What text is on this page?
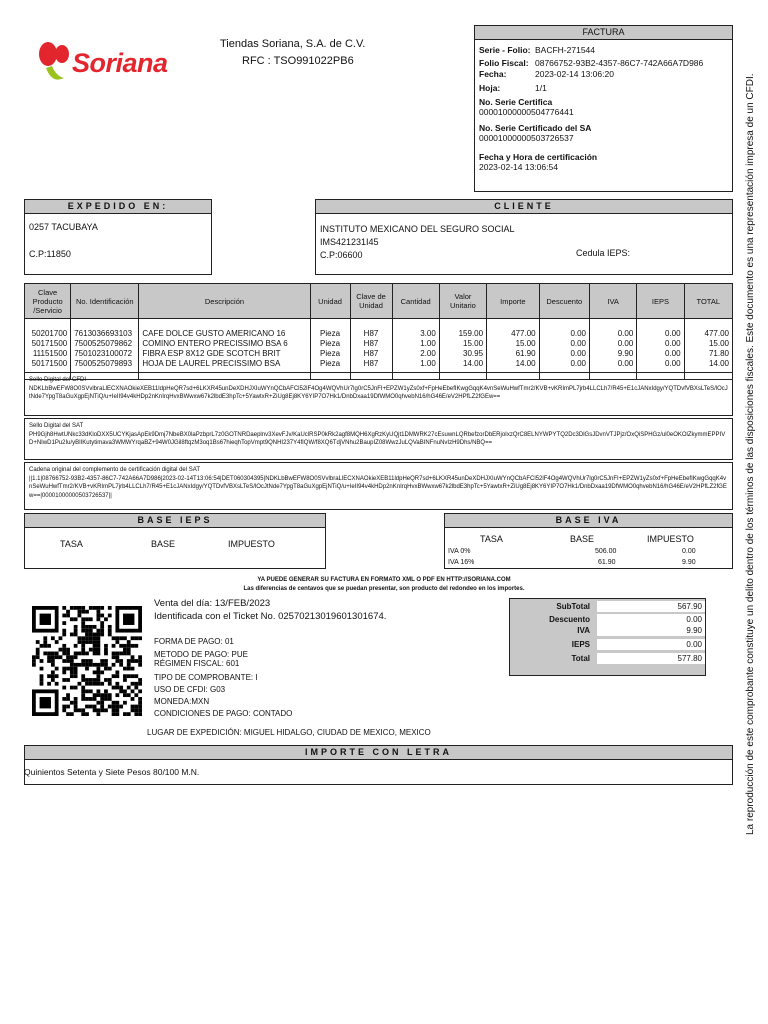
Soriana
Tiendas Soriana, S.A. de C.V.
RFC : TSO991022PB6
FACTURA
Serie - Folio: BACFH-271544
Folio Fiscal: 08766752-93B2-4357-86C7-742A66A7D986
Fecha:	2023-02-14 13:06:20
Hoja:	1/1
No. Serie Certifica
00001000000504776441
No. Serie Certificado del SA
00001000000503726537
Fecha y Hora de certificación
2023-02-14 13:06:54
EXPEDIDO EN:
0257 TACUBAYA
C.P:11850
CLIENTE
INSTITUTO MEXICANO DEL SEGURO SOCIAL
IMS421231I45
C.P:06600	Cedula IEPS:
Clave Producto /Servicio	No. Identificación	Descripción	Unidad	Clave de Unidad	Cantidad	Valor Unitario	Importe	Descuento	IVA	IEPS	TOTAL

50201700	7613036693103	CAFE DOLCE GUSTO AMERICANO 16	Pieza	H87	3.00	159.00	477.00	0.00	0.00	0.00	477.00
50171500	7500525079862	COMINO ENTERO PRECISSIMO BSA 6	Pieza	H87	1.00	15.00	15.00	0.00	0.00	0.00	15.00
11151500	7501023100072	FIBRA ESP 8X12 GDE SCOTCH BRIT	Pieza	H87	2.00	30.95	61.90	0.00	9.90	0.00	71.80
50171500	7500525079893	HOJA DE LAUREL PRECISSIMO BSA	Pieza	H87	1.00	14.00	14.00	0.00	0.00	0.00	14.00

Sello Digital del CFDI
NDKLbBwEFW8O0SVvlbraLlECXNAOkieXEB11ldpHeQR7sd+6LKXR45unDeXDHJXIuWYnQCbAFCl52lF4Og4WQVhUr7lg0rC5JnFI+EPZW1yZs0xf+FpHeEbefIKwgGqqK4vnSeWuHwfTmr2/KVB+vKRImPL7jrb4LLCLh7/R45+E1cJANxIdgy/YQTDvfVBXsLTeS/lOcJtNde7YpgT8aGuXgpEjNTiQ/u+IeII94v4kHDp2nKnIrqHvxBWwxw67k2lbdE3hpTc+5YawtxR+ZiUg8Ej8KY6YIP7O7Hk1/DnbDxaa19DfWMO0qhvebN16/hG46E/eV2HPfLZ2fGEw==
Sello Digital del SAT
PH9Gjh8HwtUNkc33dKloDXX5UCYKjasApEk9Dmj7NbeBX0laPzbprL7z0GOTNRDaeplnv3XevFJv/KaUclRSP0kRk2agf8MQH6XgRzKyUQjt1DMWRK27cEsuwnLQRbefzorDbERjoIxzQrC8ELNYWPYTQ2Dc3DlGsJDvnVTJPjz/OxQiSPHGz/ul0eOKOlZkymmEPPIVD+NIwD1Pu2Iu/yBlIKutytimava3WMWYrqaBZ+94W0JGil8ftqzM3oq1Bs67hieqhTopVmpt9QNHI237Y4fIQW/f8XQ6TdjVNhu2BaupIZ08WwzJuLQVaBINFnuNvIzH9Dhs/NBQ==
Cadena original del complemento de certificación digital del SAT
||1.1|08766752-93B2-4357-86C7-742A66A7D986|2023-02-14T13:06:54|DET060304395|NDKLbBwEFW8O0SVvlbraLlECXNAOkieXEB11ldpHeQR7sd+6LKXR45unDeXDHJXIuWYnQCbAFCl52lF4Og4WQVhUr7lg0rC5JnFI+EPZW1yZs0xf+FpHeEbefIKwgGqqK4vnSeWuHwfTmr2/KVB+vKRImPL7jrb4LLCLh7/R45+E1cJANxIdgy/YQTDvfVBXsLTeS/lOcJtNde7YpgT8aGuXgpEjNTiQ/u+IeII94v4kHDp2nKnIrqHvxBWwxw67k2lbdE3hpTc+5YawtxR+ZiUg8Ej8KY6YIP7O7Hk1/DnbDxaa19DfWMO0qhvebN16/hG46E/eV2HPfLZ2fGEw==|00001000000503726537||
BASE IEPS
TASA	BASE	IMPUESTO
BASE IVA
TASA	BASE	IMPUESTO
IVA 0%	506.00	0.00
IVA 16%	61.90	9.90
YA PUEDE GENERAR SU FACTURA EN FORMATO XML O PDF EN HTTP://SORIANA.COM
Las diferencias de centavos que se puedan presentar, son producto del redondeo en los importes.
Venta del día: 13/FEB/2023
Identificada con el Ticket No. 02570213019601301674.
FORMA DE PAGO: 01
METODO DE PAGO: PUE
RÉGIMEN FISCAL: 601
TIPO DE COMPROBANTE: I
USO DE CFDI: G03
MONEDA:MXN
CONDICIONES DE PAGO: CONTADO
LUGAR DE EXPEDICIÓN: MIGUEL HIDALGO, CIUDAD DE MEXICO, MEXICO
SubTotal	567.90
Descuento	0.00
IVA	9.90
IEPS	0.00
Total	577.80
IMPORTE CON LETRA
Quinientos Setenta y Siete Pesos 80/100 M.N.	La reproducción de este comprobante constituye un delito dentro de los términos de las disposiciones fiscales. Este documento es una representación impresa de un CFDI.
